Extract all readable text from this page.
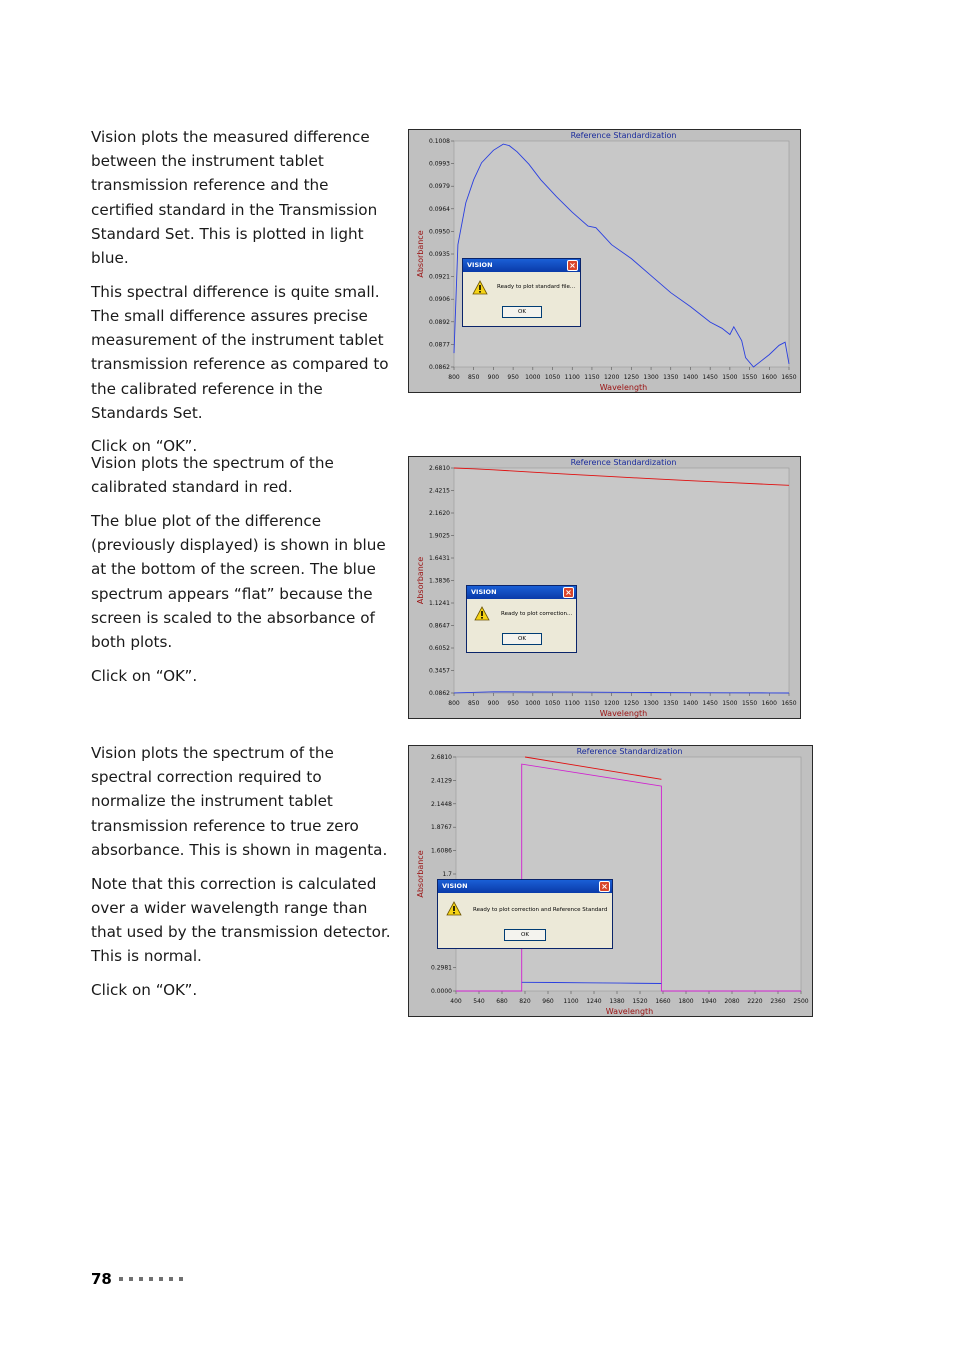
Vision plots the measured difference between the instrument tablet transmission reference and the certified standard in the Transmission Standard Set. This is plotted in light blue.

This spectral difference is quite small. The small difference assures precise measurement of the instrument tablet transmission reference as compared to the calibrated reference in the Standards Set.

Click on “OK”.

Reference Standardization
Wavelength
Absorbance
800 850 900 950 1000 1050 1100 1150 1200 1250 1300 1350 1400 1450 1500 1550 1600 1650
0.0862
0.0877
0.0892
0.0906
0.0921
0.0935
0.0950
0.0964
0.0979
0.0993
0.1008
VISION	×
Ready to plot standard file...
OK

Vision plots the spectrum of the calibrated standard in red.

The blue plot of the difference (previously displayed) is shown in blue at the bottom of the screen. The blue spectrum appears “flat” because the screen is scaled to the absorbance of both plots.

Click on “OK”.

Reference Standardization
Wavelength
Absorbance
800 850 900 950 1000 1050 1100 1150 1200 1250 1300 1350 1400 1450 1500 1550 1600 1650
0.0862
0.3457
0.6052
0.8647
1.1241
1.3836
1.6431
1.9025
2.1620
2.4215
2.6810
VISION	×
Ready to plot correction...
OK

Vision plots the spectrum of the spectral correction required to normalize the instrument tablet transmission reference to true zero absorbance. This is shown in magenta.

Note that this correction is calculated over a wider wavelength range than that used by the transmission detector. This is normal.

Click on “OK”.

Reference Standardization
Wavelength
Absorbance
400 540 680 820 960 1100 1240 1380 1520 1660 1800 1940 2080 2220 2360 2500
0.0000
0.2981
1.7
1.6086
1.8767
2.1448
2.4129
2.6810
VISION	×
Ready to plot correction and Reference Standard
OK
78
